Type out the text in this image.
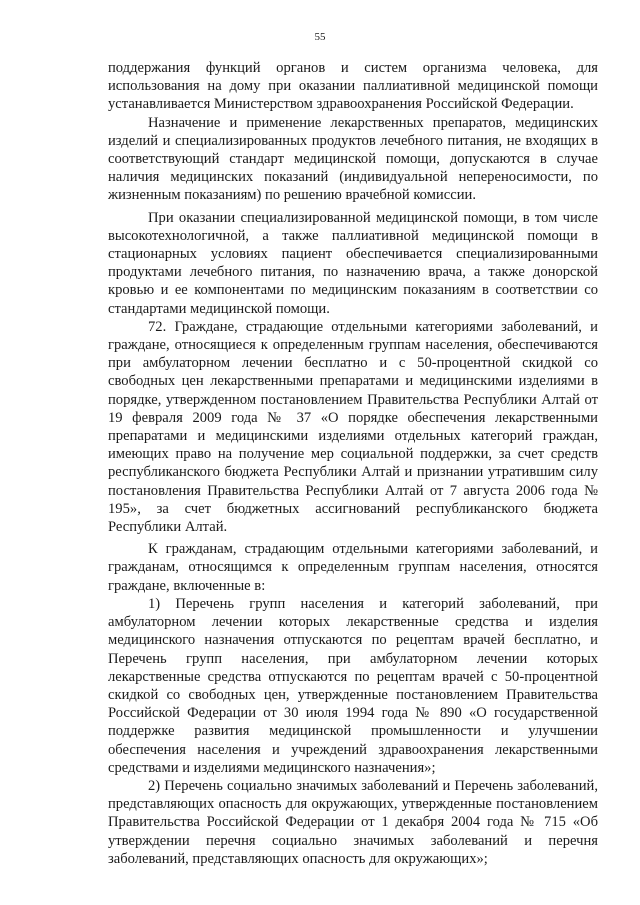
55

поддержания функций органов и систем организма человека, для использования на дому при оказании паллиативной медицинской помощи устанавливается Министерством здравоохранения Российской Федерации.

Назначение и применение лекарственных препаратов, медицинских изделий и специализированных продуктов лечебного питания, не входящих в соответствующий стандарт медицинской помощи, допускаются в случае наличия медицинских показаний (индивидуальной непереносимости, по жизненным показаниям) по решению врачебной комиссии.

При оказании специализированной медицинской помощи, в том числе высокотехнологичной, а также паллиативной медицинской помощи в стационарных условиях пациент обеспечивается специализированными продуктами лечебного питания, по назначению врача, а также донорской кровью и ее компонентами по медицинским показаниям в соответствии со стандартами медицинской помощи.

72. Граждане, страдающие отдельными категориями заболеваний, и граждане, относящиеся к определенным группам населения, обеспечиваются при амбулаторном лечении бесплатно и с 50-процентной скидкой со свободных цен лекарственными препаратами и медицинскими изделиями в порядке, утвержденном постановлением Правительства Республики Алтай от 19 февраля 2009 года № 37 «О порядке обеспечения лекарственными препаратами и медицинскими изделиями отдельных категорий граждан, имеющих право на получение мер социальной поддержки, за счет средств республиканского бюджета Республики Алтай и признании утратившим силу постановления Правительства Республики Алтай от 7 августа 2006 года № 195», за счет бюджетных ассигнований республиканского бюджета Республики Алтай.

К гражданам, страдающим отдельными категориями заболеваний, и гражданам, относящимся к определенным группам населения, относятся граждане, включенные в:

1) Перечень групп населения и категорий заболеваний, при амбулаторном лечении которых лекарственные средства и изделия медицинского назначения отпускаются по рецептам врачей бесплатно, и Перечень групп населения, при амбулаторном лечении которых лекарственные средства отпускаются по рецептам врачей с 50-процентной скидкой со свободных цен, утвержденные постановлением Правительства Российской Федерации от 30 июля 1994 года № 890 «О государственной поддержке развития медицинской промышленности и улучшении обеспечения населения и учреждений здравоохранения лекарственными средствами и изделиями медицинского назначения»;

2) Перечень социально значимых заболеваний и Перечень заболеваний, представляющих опасность для окружающих, утвержденные постановлением Правительства Российской Федерации от 1 декабря 2004 года № 715 «Об утверждении перечня социально значимых заболеваний и перечня заболеваний, представляющих опасность для окружающих»;
